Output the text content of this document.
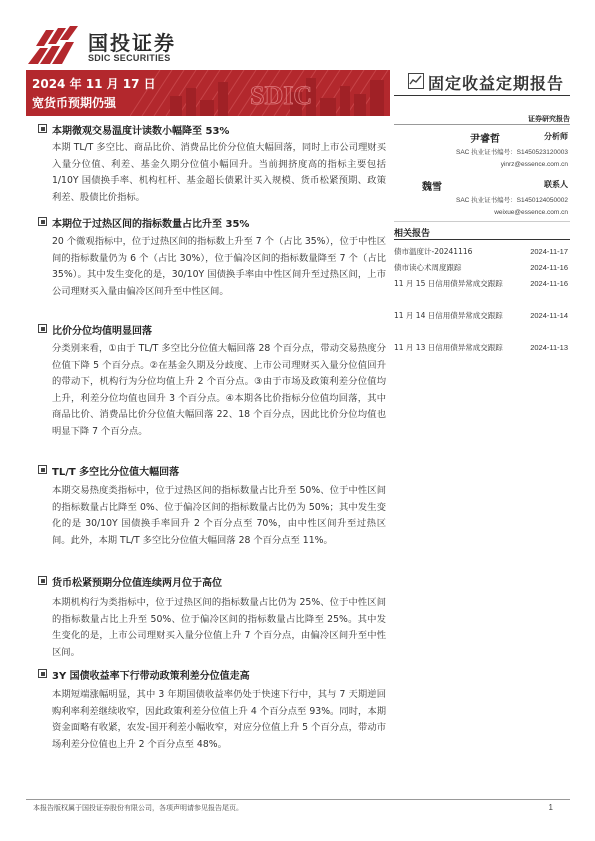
国投证券
SDIC SECURITIES
SDIC
2024 年 11 月 17 日
宽货币预期仍强
固定收益定期报告
证券研究报告
尹睿哲	分析师
SAC 执业证书编号：S1450523120003
yinrz@essence.com.cn
魏雪	联系人
SAC 执业证书编号：S1450124050002
weixue@essence.com.cn
相关报告
债市温度计-20241116	2024-11-17
债市读心术周度跟踪	2024-11-16
11 月 15 日信用债异常成交跟踪	2024-11-16
11 月 14 日信用债异常成交跟踪	2024-11-14
11 月 13 日信用债异常成交跟踪	2024-11-13
本期微观交易温度计读数小幅降至 53%
本期 TL/T 多空比、商品比价、消费品比价分位值大幅回落，同时上市公司理财买入量分位值、利差、基金久期分位值小幅回升。当前拥挤度高的指标主要包括 1/10Y 国债换手率、机构杠杆、基金超长债累计买入规模、货币松紧预期、政策利差、股债比价指标。
本期位于过热区间的指标数量占比升至 35%
20 个微观指标中，位于过热区间的指标数上升至 7 个（占比 35%），位于中性区间的指标数量仍为 6 个（占比 30%），位于偏冷区间的指标数量降至 7 个（占比 35%）。其中发生变化的是，30/10Y 国债换手率由中性区间升至过热区间，上市公司理财买入量由偏冷区间升至中性区间。
比价分位均值明显回落
分类别来看，①由于 TL/T 多空比分位值大幅回落 28 个百分点，带动交易热度分位值下降 5 个百分点。②在基金久期及分歧度、上市公司理财买入量分位值回升的带动下，机构行为分位均值上升 2 个百分点。③由于市场及政策利差分位值均上升，利差分位均值也回升 3 个百分点。④本期各比价指标分位值均回落，其中商品比价、消费品比价分位值大幅回落 22、18 个百分点，因此比价分位均值也明显下降 7 个百分点。
TL/T 多空比分位值大幅回落
本期交易热度类指标中，位于过热区间的指标数量占比升至 50%、位于中性区间的指标数量占比降至 0%、位于偏冷区间的指标数量占比仍为 50%；其中发生变化的是 30/10Y 国债换手率回升 2 个百分点至 70%，由中性区间升至过热区间。此外，本期 TL/T 多空比分位值大幅回落 28 个百分点至 11%。
货币松紧预期分位值连续两月位于高位
本期机构行为类指标中，位于过热区间的指标数量占比仍为 25%、位于中性区间的指标数量占比上升至 50%、位于偏冷区间的指标数量占比降至 25%。其中发生变化的是，上市公司理财买入量分位值上升 7 个百分点，由偏冷区间升至中性区间。
3Y 国债收益率下行带动政策利差分位值走高
本期短端涨幅明显，其中 3 年期国债收益率仍处于快速下行中，其与 7 天期逆回购利率利差继续收窄，因此政策利差分位值上升 4 个百分点至 93%。同时，本期资金面略有收紧，农发-国开利差小幅收窄，对应分位值上升 5 个百分点，带动市场利差分位值也上升 2 个百分点至 48%。
本报告版权属于国投证券股份有限公司，各项声明请参见报告尾页。	1
